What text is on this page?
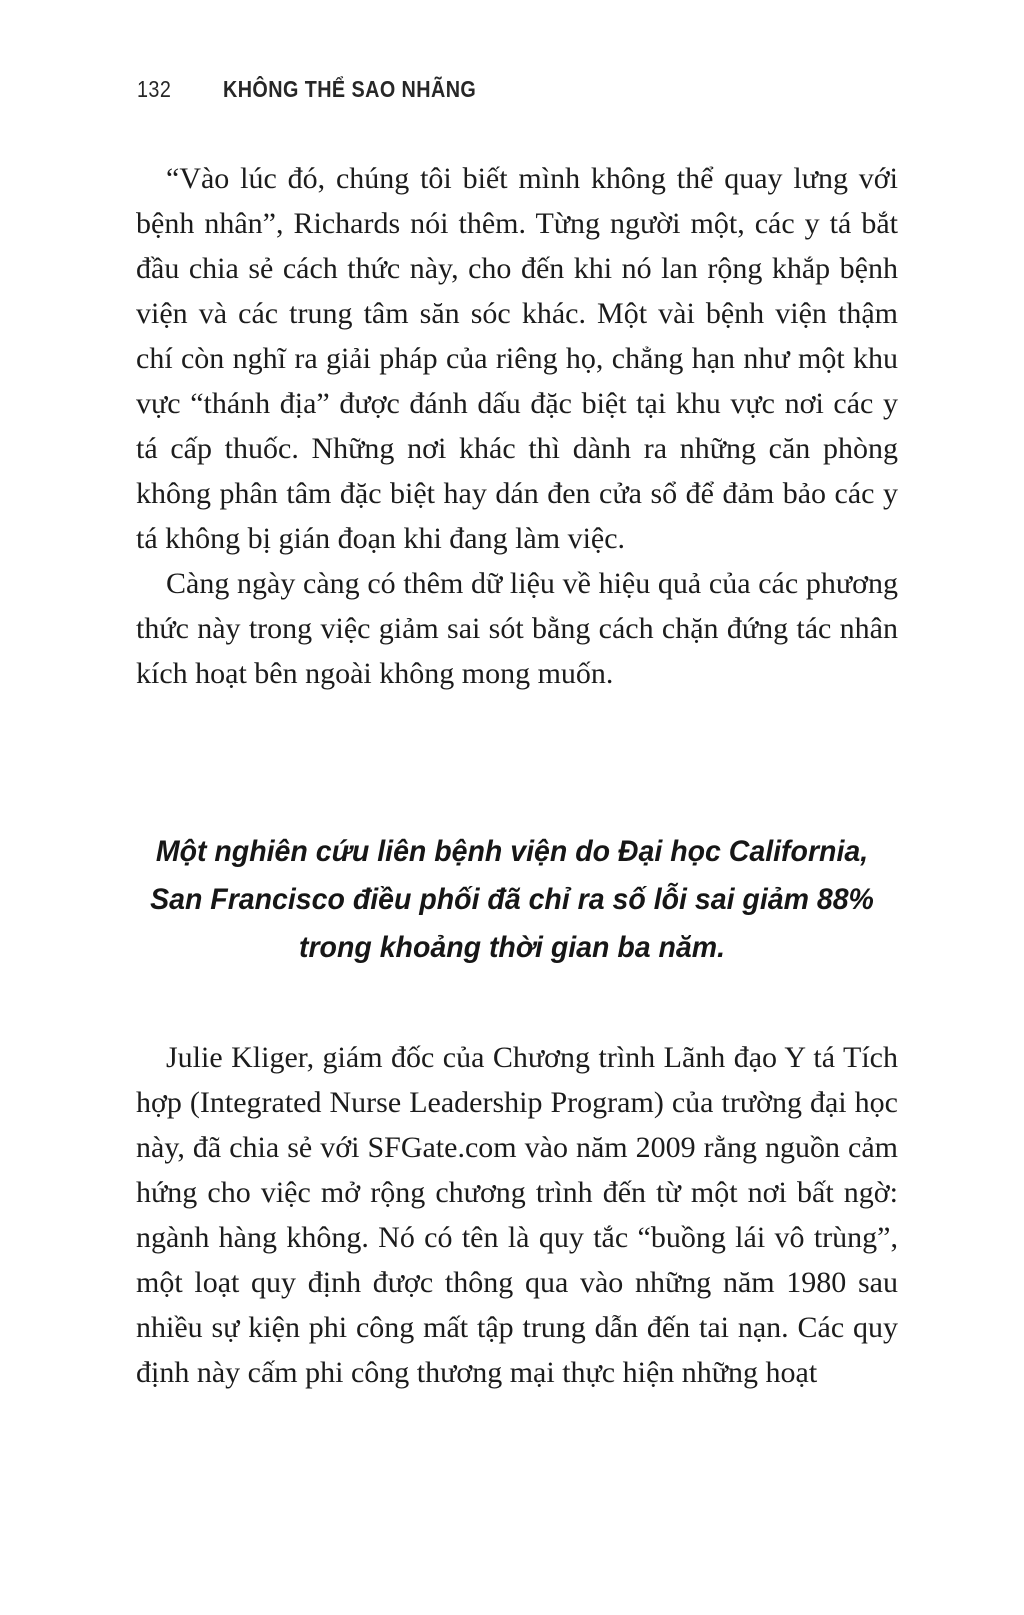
132 KHÔNG THỂ SAO NHÃNG

“Vào lúc đó, chúng tôi biết mình không thể quay lưng với bệnh nhân”, Richards nói thêm. Từng người một, các y tá bắt đầu chia sẻ cách thức này, cho đến khi nó lan rộng khắp bệnh viện và các trung tâm săn sóc khác. Một vài bệnh viện thậm chí còn nghĩ ra giải pháp của riêng họ, chẳng hạn như một khu vực “thánh địa” được đánh dấu đặc biệt tại khu vực nơi các y tá cấp thuốc. Những nơi khác thì dành ra những căn phòng không phân tâm đặc biệt hay dán đen cửa sổ để đảm bảo các y tá không bị gián đoạn khi đang làm việc.

Càng ngày càng có thêm dữ liệu về hiệu quả của các phương thức này trong việc giảm sai sót bằng cách chặn đứng tác nhân kích hoạt bên ngoài không mong muốn.

Một nghiên cứu liên bệnh viện do Đại học California, San Francisco điều phối đã chỉ ra số lỗi sai giảm 88% trong khoảng thời gian ba năm.

Julie Kliger, giám đốc của Chương trình Lãnh đạo Y tá Tích hợp (Integrated Nurse Leadership Program) của trường đại học này, đã chia sẻ với SFGate.com vào năm 2009 rằng nguồn cảm hứng cho việc mở rộng chương trình đến từ một nơi bất ngờ: ngành hàng không. Nó có tên là quy tắc “buồng lái vô trùng”, một loạt quy định được thông qua vào những năm 1980 sau nhiều sự kiện phi công mất tập trung dẫn đến tai nạn. Các quy định này cấm phi công thương mại thực hiện những hoạt
